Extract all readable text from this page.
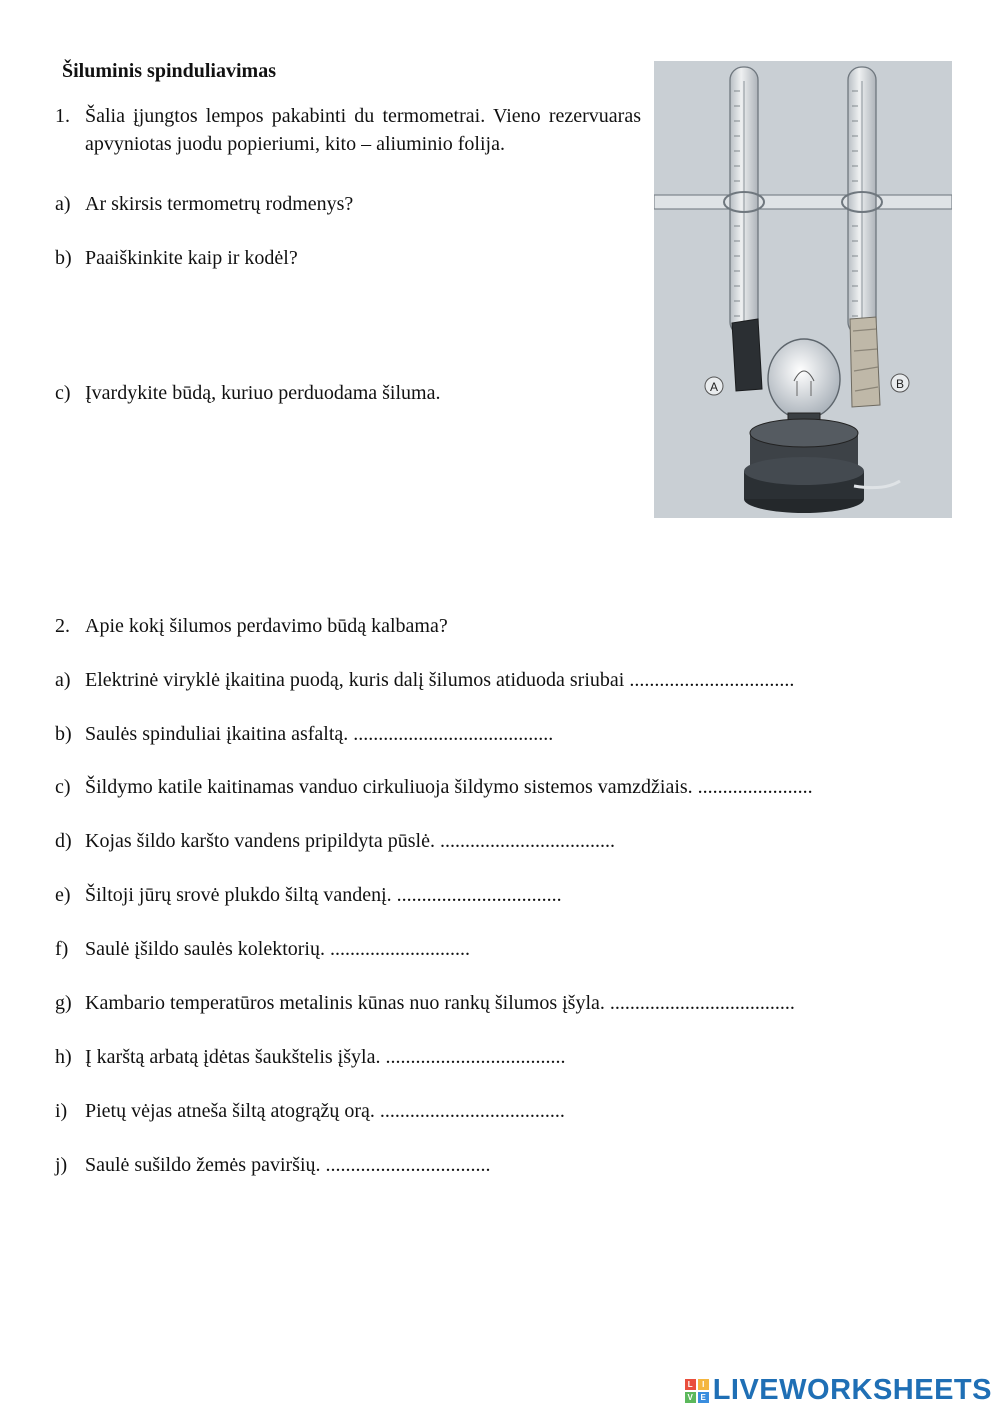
Šiluminis spinduliavimas
1. Šalia įjungtos lempos pakabinti du termometrai. Vieno rezervuaras apvyniotas juodu popieriumi, kito – aliuminio folija.
a) Ar skirsis termometrų rodmenys?
b) Paaiškinkite kaip ir kodėl?
c) Įvardykite būdą, kuriuo perduodama šiluma.	A	B
2. Apie kokį šilumos perdavimo būdą kalbama?
a) Elektrinė viryklė įkaitina puodą, kuris dalį šilumos atiduoda sriubai .................................
b) Saulės spinduliai įkaitina asfaltą. ........................................
c) Šildymo katile kaitinamas vanduo cirkuliuoja šildymo sistemos vamzdžiais. .......................
d) Kojas šildo karšto vandens pripildyta pūslė. ...................................
e) Šiltoji jūrų srovė plukdo šiltą vandenį. .................................
f) Saulė įšildo saulės kolektorių. ............................
g) Kambario temperatūros metalinis kūnas nuo rankų šilumos įšyla. .....................................
h) Į karštą arbatą įdėtas šaukštelis įšyla. ....................................
i) Pietų vėjas atneša šiltą atogrąžų orą. .....................................
j) Saulė sušildo žemės paviršių. .................................
L	I
V E LIVEWORKSHEETS
